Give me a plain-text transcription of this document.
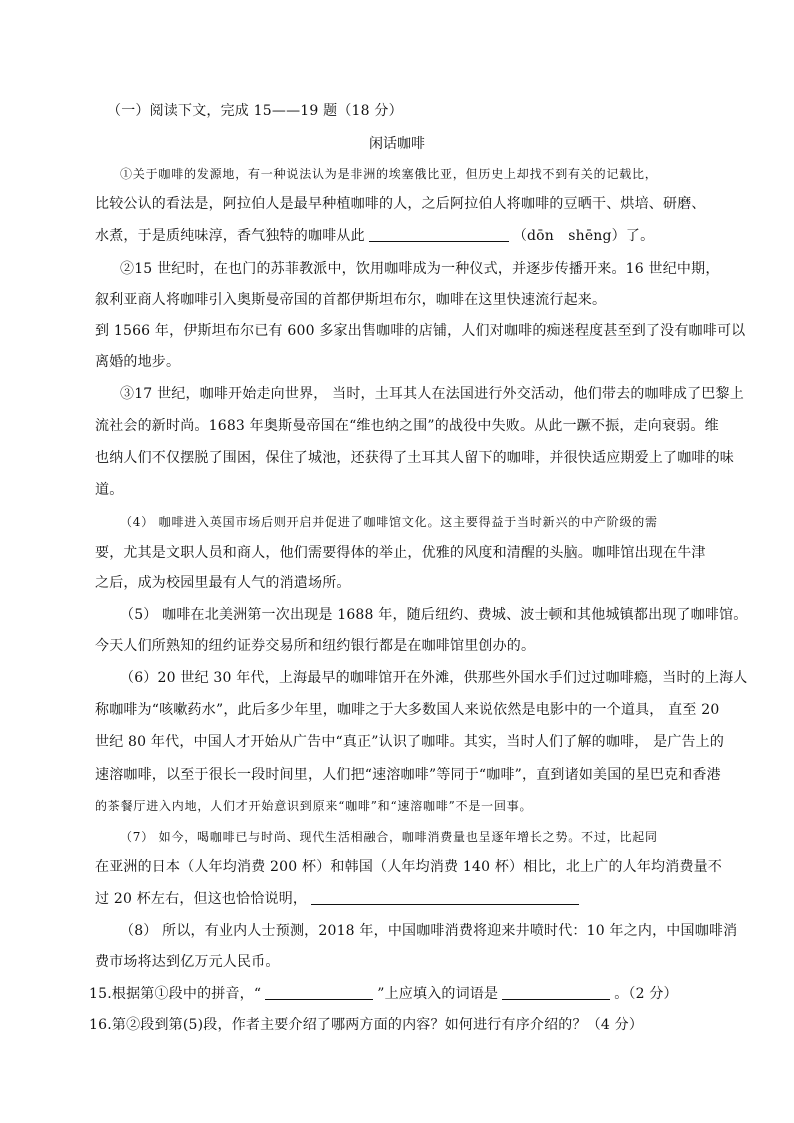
（一）阅读下文，完成 15——19 题（18 分）
闲话咖啡
①关于咖啡的发源地，有一种说法认为是非洲的埃塞俄比亚，但历史上却找不到有关的记载比，
比较公认的看法是，阿拉伯人是最早种植咖啡的人，之后阿拉伯人将咖啡的豆晒干、烘培、研磨、
水煮，于是质纯味淳，香气独特的咖啡从此	（dōn　shēng）了。
②15 世纪时，在也门的苏菲教派中，饮用咖啡成为一种仪式，并逐步传播开来。16 世纪中期，
叙利亚商人将咖啡引入奥斯曼帝国的首都伊斯坦布尔，咖啡在这里快速流行起来。
到 1566 年，伊斯坦布尔已有 600 多家出售咖啡的店铺，人们对咖啡的痴迷程度甚至到了没有咖啡可以
离婚的地步。
③17 世纪，咖啡开始走向世界， 当时，土耳其人在法国进行外交活动，他们带去的咖啡成了巴黎上
流社会的新时尚。1683 年奥斯曼帝国在“维也纳之围”的战役中失败。从此一蹶不振，走向衰弱。维
也纳人们不仅摆脱了围困，保住了城池，还获得了土耳其人留下的咖啡，并很快适应期爱上了咖啡的味
道。
（4） 咖啡进入英国市场后则开启并促进了咖啡馆文化。这主要得益于当时新兴的中产阶级的需
要，尤其是文职人员和商人，他们需要得体的举止，优雅的风度和清醒的头脑。咖啡馆出现在牛津
之后，成为校园里最有人气的消遣场所。
（5） 咖啡在北美洲第一次出现是 1688 年，随后纽约、费城、波士顿和其他城镇都出现了咖啡馆。
今天人们所熟知的纽约证券交易所和纽约银行都是在咖啡馆里创办的。
（6）20 世纪 30 年代，上海最早的咖啡馆开在外滩，供那些外国水手们过过咖啡瘾，当时的上海人
称咖啡为“咳嗽药水”，此后多少年里，咖啡之于大多数国人来说依然是电影中的一个道具， 直至 20
世纪 80 年代，中国人才开始从广告中“真正”认识了咖啡。其实，当时人们了解的咖啡， 是广告上的
速溶咖啡，以至于很长一段时间里，人们把“速溶咖啡”等同于“咖啡”，直到诸如美国的星巴克和香港
的茶餐厅进入内地，人们才开始意识到原来“咖啡”和“速溶咖啡”不是一回事。
（7） 如今，喝咖啡已与时尚、现代生活相融合，咖啡消费量也呈逐年增长之势。不过，比起同
在亚洲的日本（人年均消费 200 杯）和韩国（人年均消费 140 杯）相比，北上广的人年均消费量不
过 20 杯左右，但这也恰恰说明，
（8） 所以，有业内人士预测，2018 年，中国咖啡消费将迎来井喷时代：10 年之内，中国咖啡消
费市场将达到亿万元人民币。
15.根据第①段中的拼音，“	”上应填入的词语是	。（2 分）
16.第②段到第(5)段，作者主要介绍了哪两方面的内容？如何进行有序介绍的？（4 分）
